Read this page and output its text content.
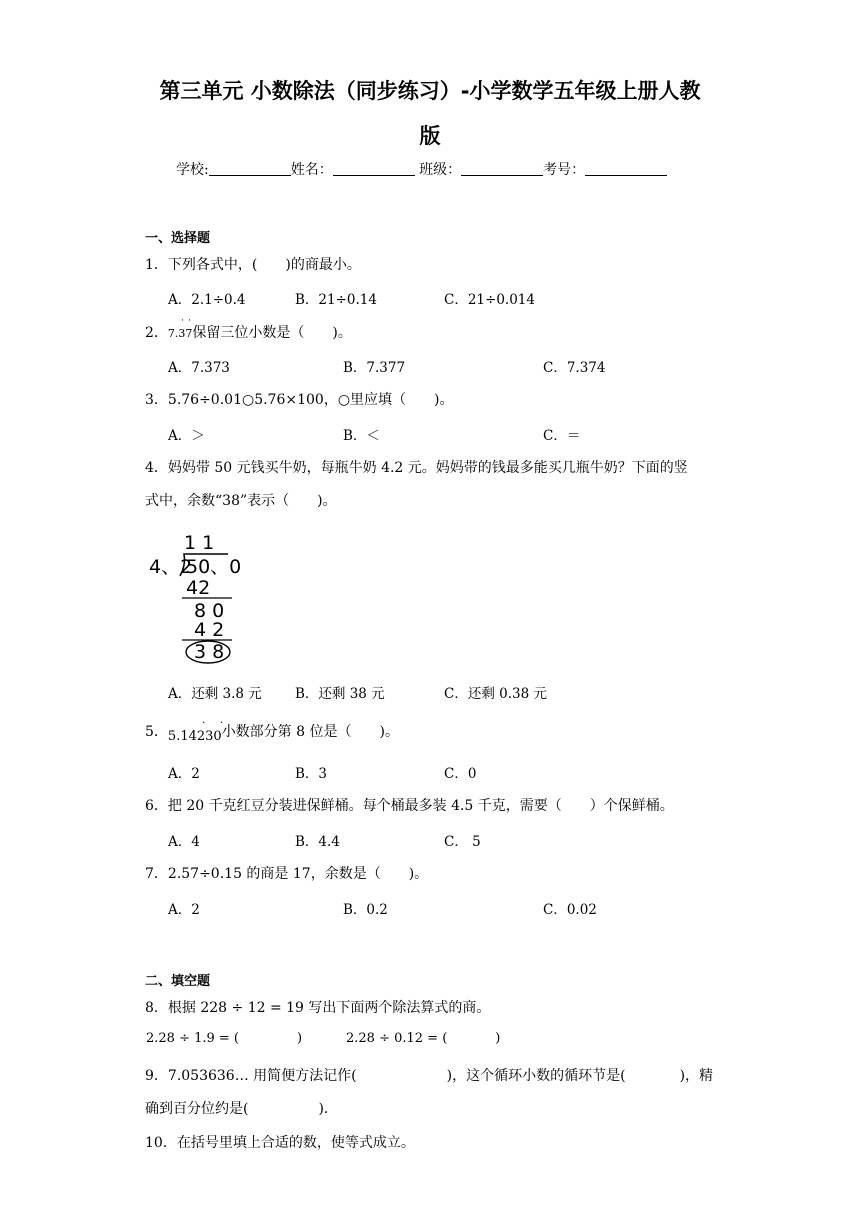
第三单元 小数除法（同步练习）-小学数学五年级上册人教
版
学校:	姓名：	班级：	考号：
一、选择题
1．下列各式中，(　　)的商最小。
A．2.1÷0.4	B．21÷0.14	C．21÷0.014
2．7.37保留三位小数是（　　)。
A．7.373	B．7.377	C．7.374
3．5.76÷0.01○5.76×100，○里应填（　　)。
A．＞	B．＜	C．＝
4．妈妈带 50 元钱买牛奶，每瓶牛奶 4.2 元。妈妈带的钱最多能买几瓶牛奶？下面的竖
式中，余数“38”表示（　　)。
1 1
4、2
50、0
42
8 0
4 2
3 8
A．还剩 3.8 元 B．还剩 38 元	C．还剩 0.38 元
5．5.14230小数部分第 8 位是（　　)。
· ·
A．2	B．3	C．0
6．把 20 千克红豆分装进保鲜桶。每个桶最多装 4.5 千克，需要（　　）个保鲜桶。
A．4	B．4.4	C． 5
7．2.57÷0.15 的商是 17，余数是（　　)。
A．2	B．0.2	C．0.02
二、填空题
8．根据 228 ÷ 12 = 19 写出下面两个除法算式的商。
2.28 ÷ 1.9 = (	)	2.28 ÷ 0.12 = (	)
9．7.053636… 用简便方法记作(	)，这个循环小数的循环节是(	)，精
确到百分位约是(	)．
10．在括号里填上合适的数，使等式成立。
· ·
